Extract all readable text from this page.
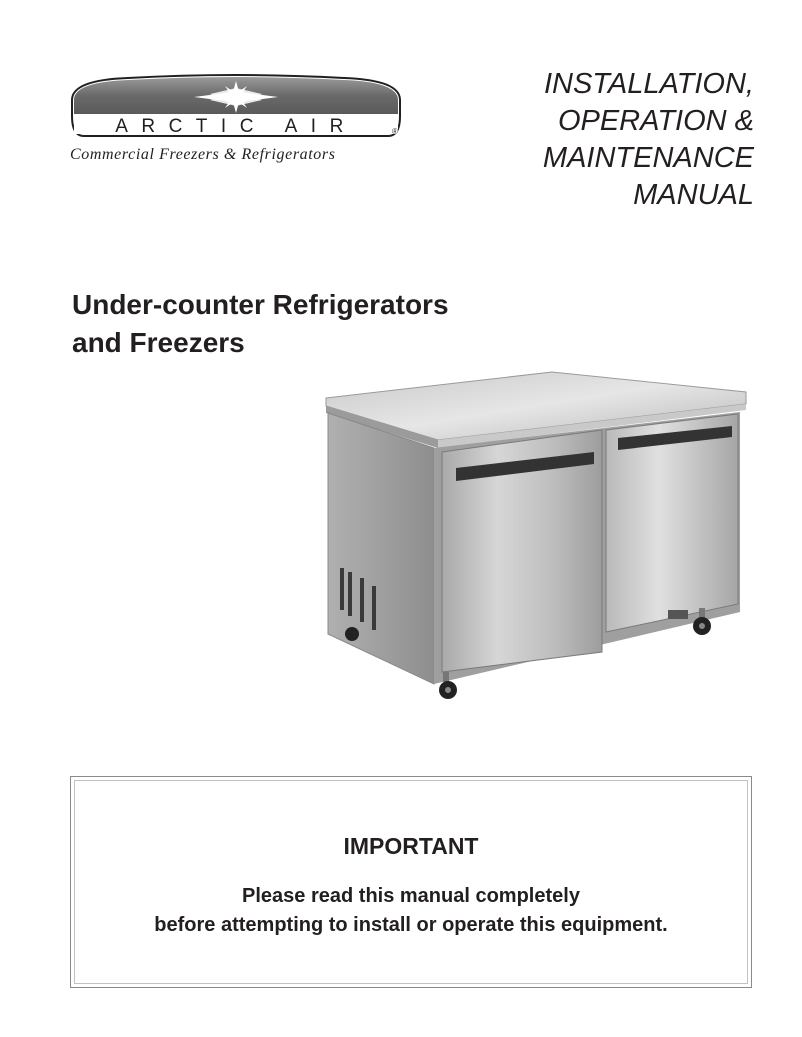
ARCTIC AIR	®
Commercial Freezers & Refrigerators
INSTALLATION,
OPERATION &
MAINTENANCE
MANUAL
Under-counter Refrigerators
and Freezers
IMPORTANT
Please read this manual completely
before attempting to install or operate this equipment.
